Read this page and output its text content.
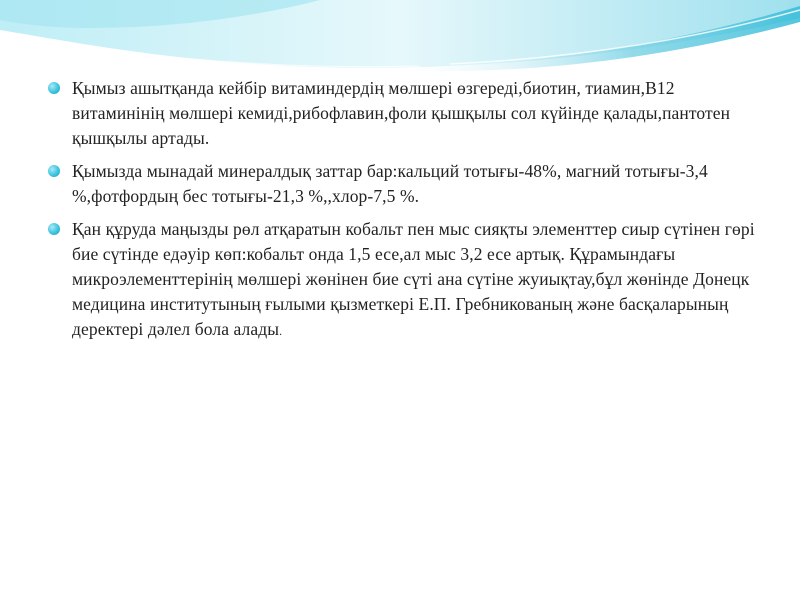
Қымыз ашытқанда кейбір витаминдердің мөлшері өзгереді,биотин, тиамин,В12 витаминінің мөлшері кемиді,рибофлавин,фоли қышқылы сол күйінде қалады,пантотен қышқылы артады.
Қымызда мынадай минералдық заттар бар:кальций тотығы-48%, магний тотығы-3,4 %,фотфордың бес тотығы-21,3 %,,хлор-7,5 %.
Қан құруда маңызды рөл атқаратын кобальт пен мыс сияқты элементтер сиыр сүтінен гөрі бие сүтінде едәуір көп:кобальт онда 1,5 есе,ал мыс 3,2 есе артық. Құрамындағы микроэлементтерінің мөлшері жөнінен бие сүті ана сүтіне жуиықтау,бұл жөнінде Донецк медицина институтының ғылыми қызметкері Е.П. Гребникованың және басқаларының деректері дәлел бола алады.
